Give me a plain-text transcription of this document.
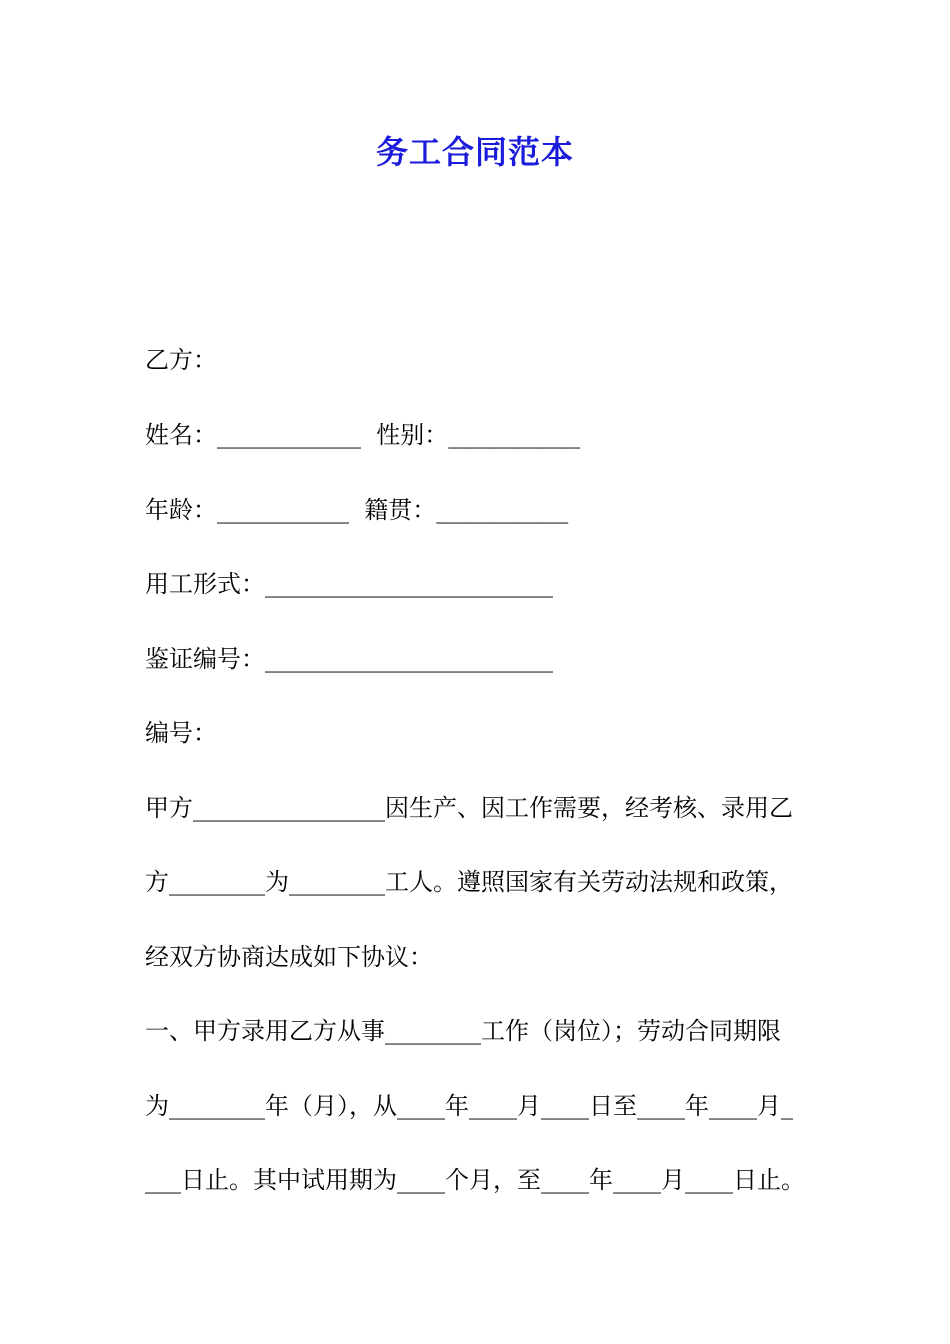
务工合同范本
乙方：
姓名：____________  性别：___________
年龄：___________  籍贯：___________
用工形式：________________________
鉴证编号：________________________
编号：
甲方________________因生产、因工作需要，经考核、录用乙
方________为________工人。遵照国家有关劳动法规和政策，
经双方协商达成如下协议：
一、甲方录用乙方从事________工作（岗位）；劳动合同期限
为________年（月），从____年____月____日至____年____月_
___日止。其中试用期为____个月，至____年____月____日止。
